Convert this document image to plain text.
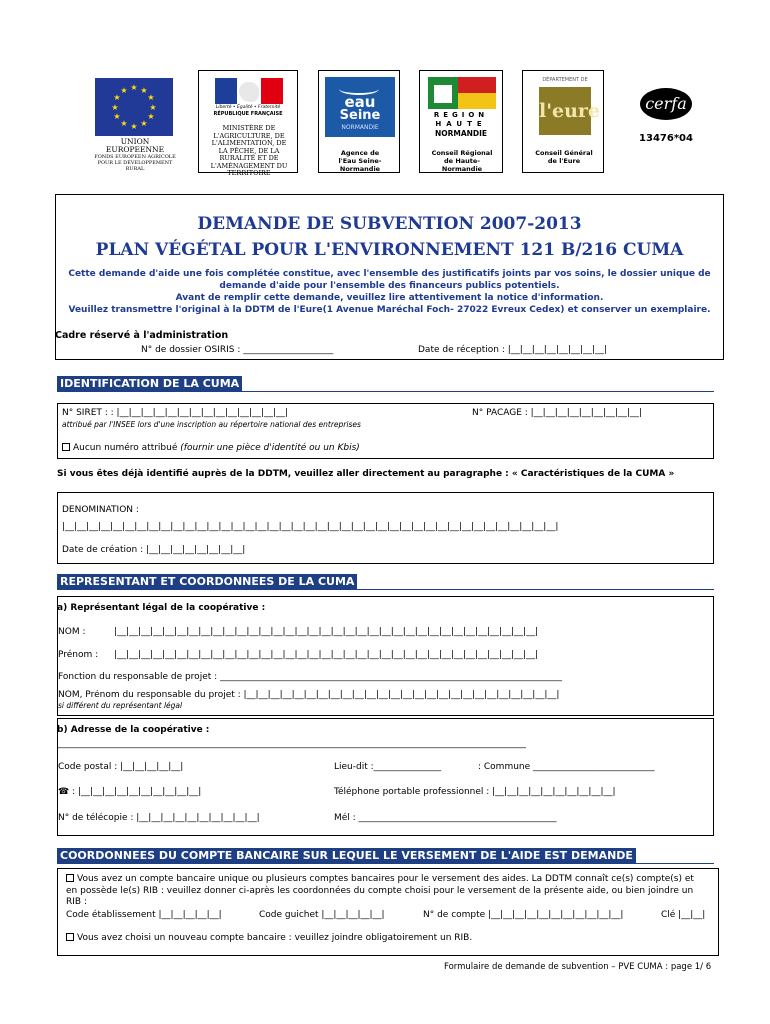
★ ★
★
★
★
★
★
★
★
★
★
★
UNION EUROPEENNE
FONDS EUROPEEN AGRICOLE
POUR LE DÉVELOPPEMENT RURAL
Liberté • Égalité • Fraternité
RÉPUBLIQUE FRANÇAISE
MINISTÈRE DE L'AGRICULTURE, DE L'ALIMENTATION, DE LA PÊCHE, DE LA RURALITÉ ET DE L'AMÉNAGEMENT DU TERRITOIRE
eau
Seine
NORMANDIE
Agence de l'Eau Seine-Normandie
REGION
HAUTE
NORMANDIE
Conseil Régional de Haute-Normandie
DÉPARTEMENT DE
l'eure
Conseil Général de l'Eure
cerfa
13476*04
DEMANDE DE SUBVENTION 2007-2013
PLAN VÉGÉTAL POUR L'ENVIRONNEMENT 121 B/216 CUMA
Cette demande d'aide une fois complétée constitue, avec l'ensemble des justificatifs joints par vos soins, le dossier unique de
demande d'aide pour l'ensemble des financeurs publics potentiels.
Avant de remplir cette demande, veuillez lire attentivement la notice d'information.
Veuillez transmettre l'original à la DDTM de l'Eure(1 Avenue Maréchal Foch- 27022 Evreux Cedex) et conserver un exemplaire.
Cadre réservé à l'administration
N° de dossier OSIRIS : ____________________	Date de réception : |__|__|__|__|__|__|__|__|
IDENTIFICATION DE LA CUMA
N° SIRET : : |__|__|__|__|__|__|__|__|__|__|__|__|__|__|	N° PACAGE : |__|__|__|__|__|__|__|__|__|
attribué par l'INSEE lors d'une inscription au répertoire national des entreprises
Aucun numéro attribué (fournir une pièce d'identité ou un Kbis)
Si vous êtes déjà identifié auprès de la DDTM, veuillez aller directement au paragraphe : « Caractéristiques de la CUMA »
DENOMINATION :
|__|__|__|__|__|__|__|__|__|__|__|__|__|__|__|__|__|__|__|__|__|__|__|__|__|__|__|__|__|__|__|__|__|__|__|__|__|__|__|__|__|
Date de création : |__|__|__|__|__|__|__|__|
REPRESENTANT ET COORDONNEES DE LA CUMA
a) Représentant légal de la coopérative :
NOM :	|__|__|__|__|__|__|__|__|__|__|__|__|__|__|__|__|__|__|__|__|__|__|__|__|__|__|__|__|__|__|__|__|__|__|__|
Prénom : |__|__|__|__|__|__|__|__|__|__|__|__|__|__|__|__|__|__|__|__|__|__|__|__|__|__|__|__|__|__|__|__|__|__|__|
Fonction du responsable de projet : ____________________________________________________________________________
NOM, Prénom du responsable du projet : |__|__|__|__|__|__|__|__|__|__|__|__|__|__|__|__|__|__|__|__|__|__|__|__|__|__|
si différent du représentant légal
b) Adresse de la coopérative :
________________________________________________________________________________________________________
Code postal : |__|__|__|__|__|	Lieu-dit :_______________	: Commune ___________________________
☎ : |__|__|__|__|__|__|__|__|__|__|	Téléphone portable professionnel : |__|__|__|__|__|__|__|__|__|__|
N° de télécopie : |__|__|__|__|__|__|__|__|__|__|	Mél : ____________________________________________
COORDONNEES DU COMPTE BANCAIRE SUR LEQUEL LE VERSEMENT DE L'AIDE EST DEMANDE
Vous avez un compte bancaire unique ou plusieurs comptes bancaires pour le versement des aides. La DDTM connaît ce(s) compte(s) et
en possède le(s) RIB : veuillez donner ci-après les coordonnées du compte choisi pour le versement de la présente aide, ou bien joindre un
RIB :
Code établissement |__|__|__|__|__|	Code guichet |__|__|__|__|__|	N° de compte |__|__|__|__|__|__|__|__|__|__|__|	Clé |__|__|
Vous avez choisi un nouveau compte bancaire : veuillez joindre obligatoirement un RIB.
Formulaire de demande de subvention – PVE CUMA : page 1/ 6
